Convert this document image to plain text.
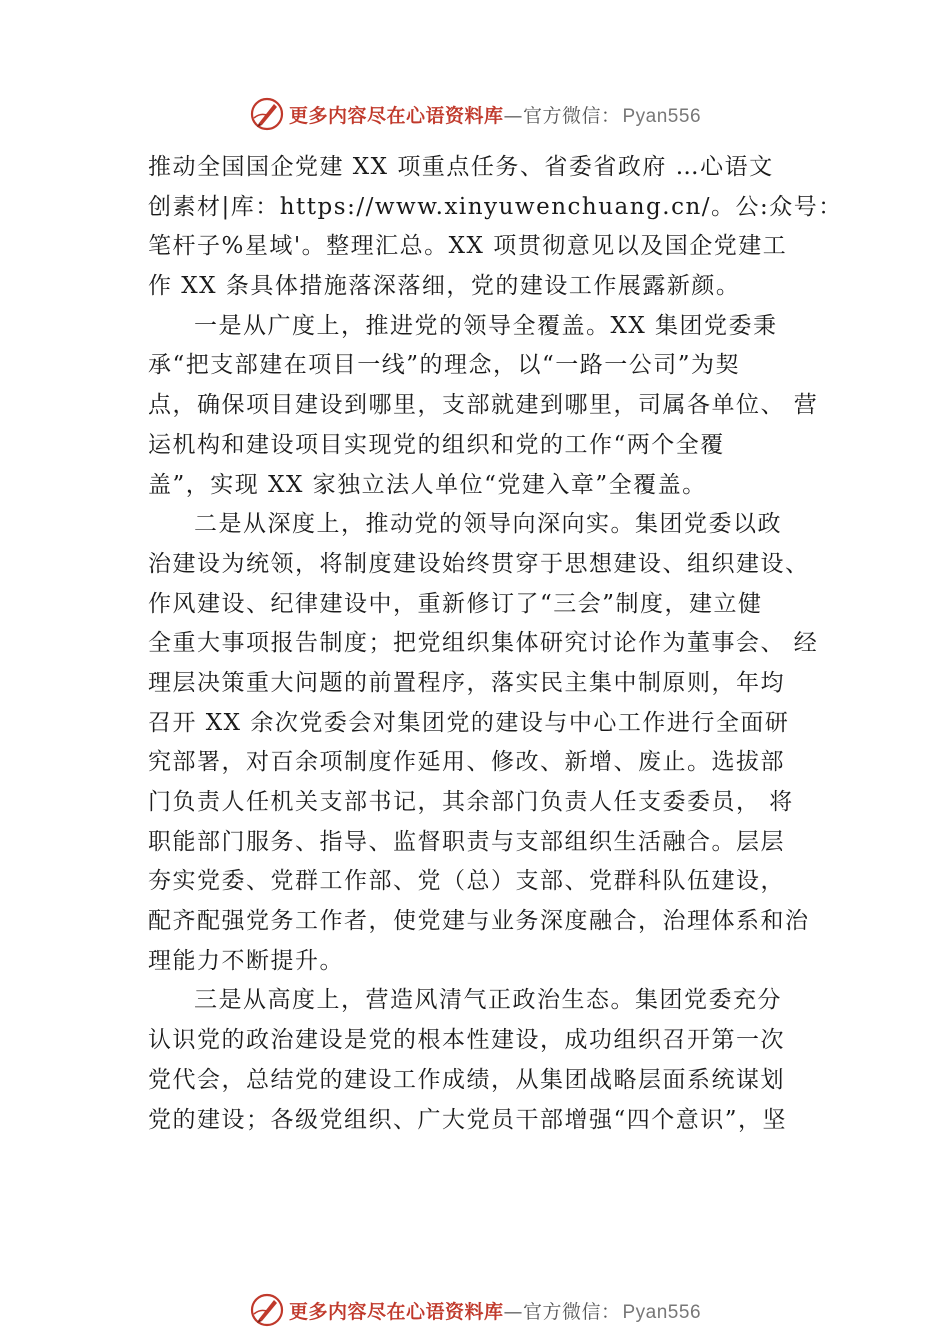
更多内容尽在心语资料库—官方微信： Pyan556
推动全国国企党建 XX 项重点任务、省委省政府 …心语文
创素材|库：https://www.xinyuwenchuang.cn/。公:众号：
笔杆子%星域'。整理汇总。XX 项贯彻意见以及国企党建工
作 XX 条具体措施落深落细，党的建设工作展露新颜。
一是从广度上，推进党的领导全覆盖。XX 集团党委秉
承“把支部建在项目一线”的理念，以“一路一公司”为契
点，确保项目建设到哪里，支部就建到哪里，司属各单位、 营
运机构和建设项目实现党的组织和党的工作“两个全覆
盖”，实现 XX 家独立法人单位“党建入章”全覆盖。
二是从深度上，推动党的领导向深向实。集团党委以政
治建设为统领，将制度建设始终贯穿于思想建设、组织建设、
作风建设、纪律建设中，重新修订了“三会”制度，建立健
全重大事项报告制度；把党组织集体研究讨论作为董事会、 经
理层决策重大问题的前置程序，落实民主集中制原则，年均
召开 XX 余次党委会对集团党的建设与中心工作进行全面研
究部署，对百余项制度作延用、修改、新增、废止。选拔部
门负责人任机关支部书记，其余部门负责人任支委委员， 将
职能部门服务、指导、监督职责与支部组织生活融合。层层
夯实党委、党群工作部、党（总）支部、党群科队伍建设，
配齐配强党务工作者，使党建与业务深度融合，治理体系和治
理能力不断提升。
三是从高度上，营造风清气正政治生态。集团党委充分
认识党的政治建设是党的根本性建设，成功组织召开第一次
党代会，总结党的建设工作成绩，从集团战略层面系统谋划
党的建设；各级党组织、广大党员干部增强“四个意识”，坚
更多内容尽在心语资料库—官方微信： Pyan556
